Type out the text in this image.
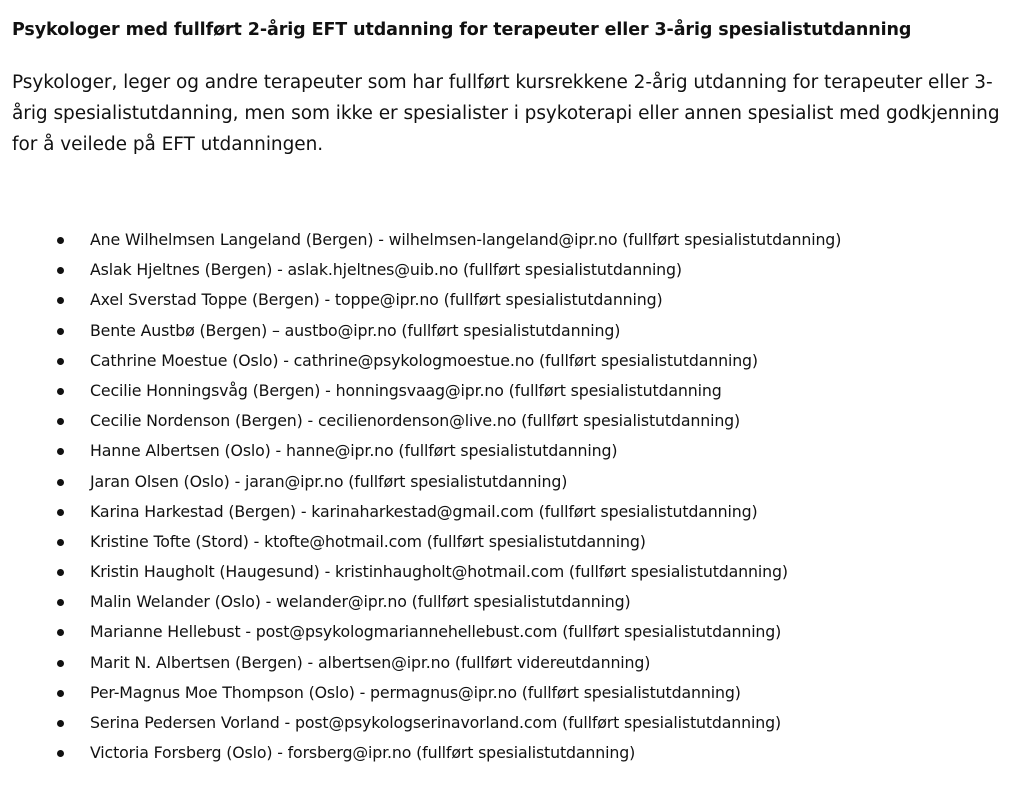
Psykologer med fullført 2-årig EFT utdanning for terapeuter eller 3-årig spesialistutdanning

Psykologer, leger og andre terapeuter som har fullført kursrekkene 2-årig utdanning for terapeuter eller 3-årig spesialistutdanning, men som ikke er spesialister i psykoterapi eller annen spesialist med godkjenning for å veilede på EFT utdanningen.

Ane Wilhelmsen Langeland (Bergen) - wilhelmsen-langeland@ipr.no (fullført spesialistutdanning)
Aslak Hjeltnes (Bergen) - aslak.hjeltnes@uib.no (fullført spesialistutdanning)
Axel Sverstad Toppe (Bergen) - toppe@ipr.no (fullført spesialistutdanning)
Bente Austbø (Bergen) – austbo@ipr.no (fullført spesialistutdanning)
Cathrine Moestue (Oslo) - cathrine@psykologmoestue.no (fullført spesialistutdanning)
Cecilie Honningsvåg (Bergen) - honningsvaag@ipr.no (fullført spesialistutdanning
Cecilie Nordenson (Bergen) - cecilienordenson@live.no (fullført spesialistutdanning)
Hanne Albertsen (Oslo) - hanne@ipr.no (fullført spesialistutdanning)
Jaran Olsen (Oslo) - jaran@ipr.no (fullført spesialistutdanning)
Karina Harkestad (Bergen) - karinaharkestad@gmail.com (fullført spesialistutdanning)
Kristine Tofte (Stord) - ktofte@hotmail.com (fullført spesialistutdanning)
Kristin Haugholt (Haugesund) - kristinhaugholt@hotmail.com (fullført spesialistutdanning)
Malin Welander (Oslo) - welander@ipr.no (fullført spesialistutdanning)
Marianne Hellebust - post@psykologmariannehellebust.com (fullført spesialistutdanning)
Marit N. Albertsen (Bergen) - albertsen@ipr.no (fullført videreutdanning)
Per-Magnus Moe Thompson (Oslo) - permagnus@ipr.no (fullført spesialistutdanning)
Serina Pedersen Vorland - post@psykologserinavorland.com (fullført spesialistutdanning)
Victoria Forsberg (Oslo) - forsberg@ipr.no (fullført spesialistutdanning)
